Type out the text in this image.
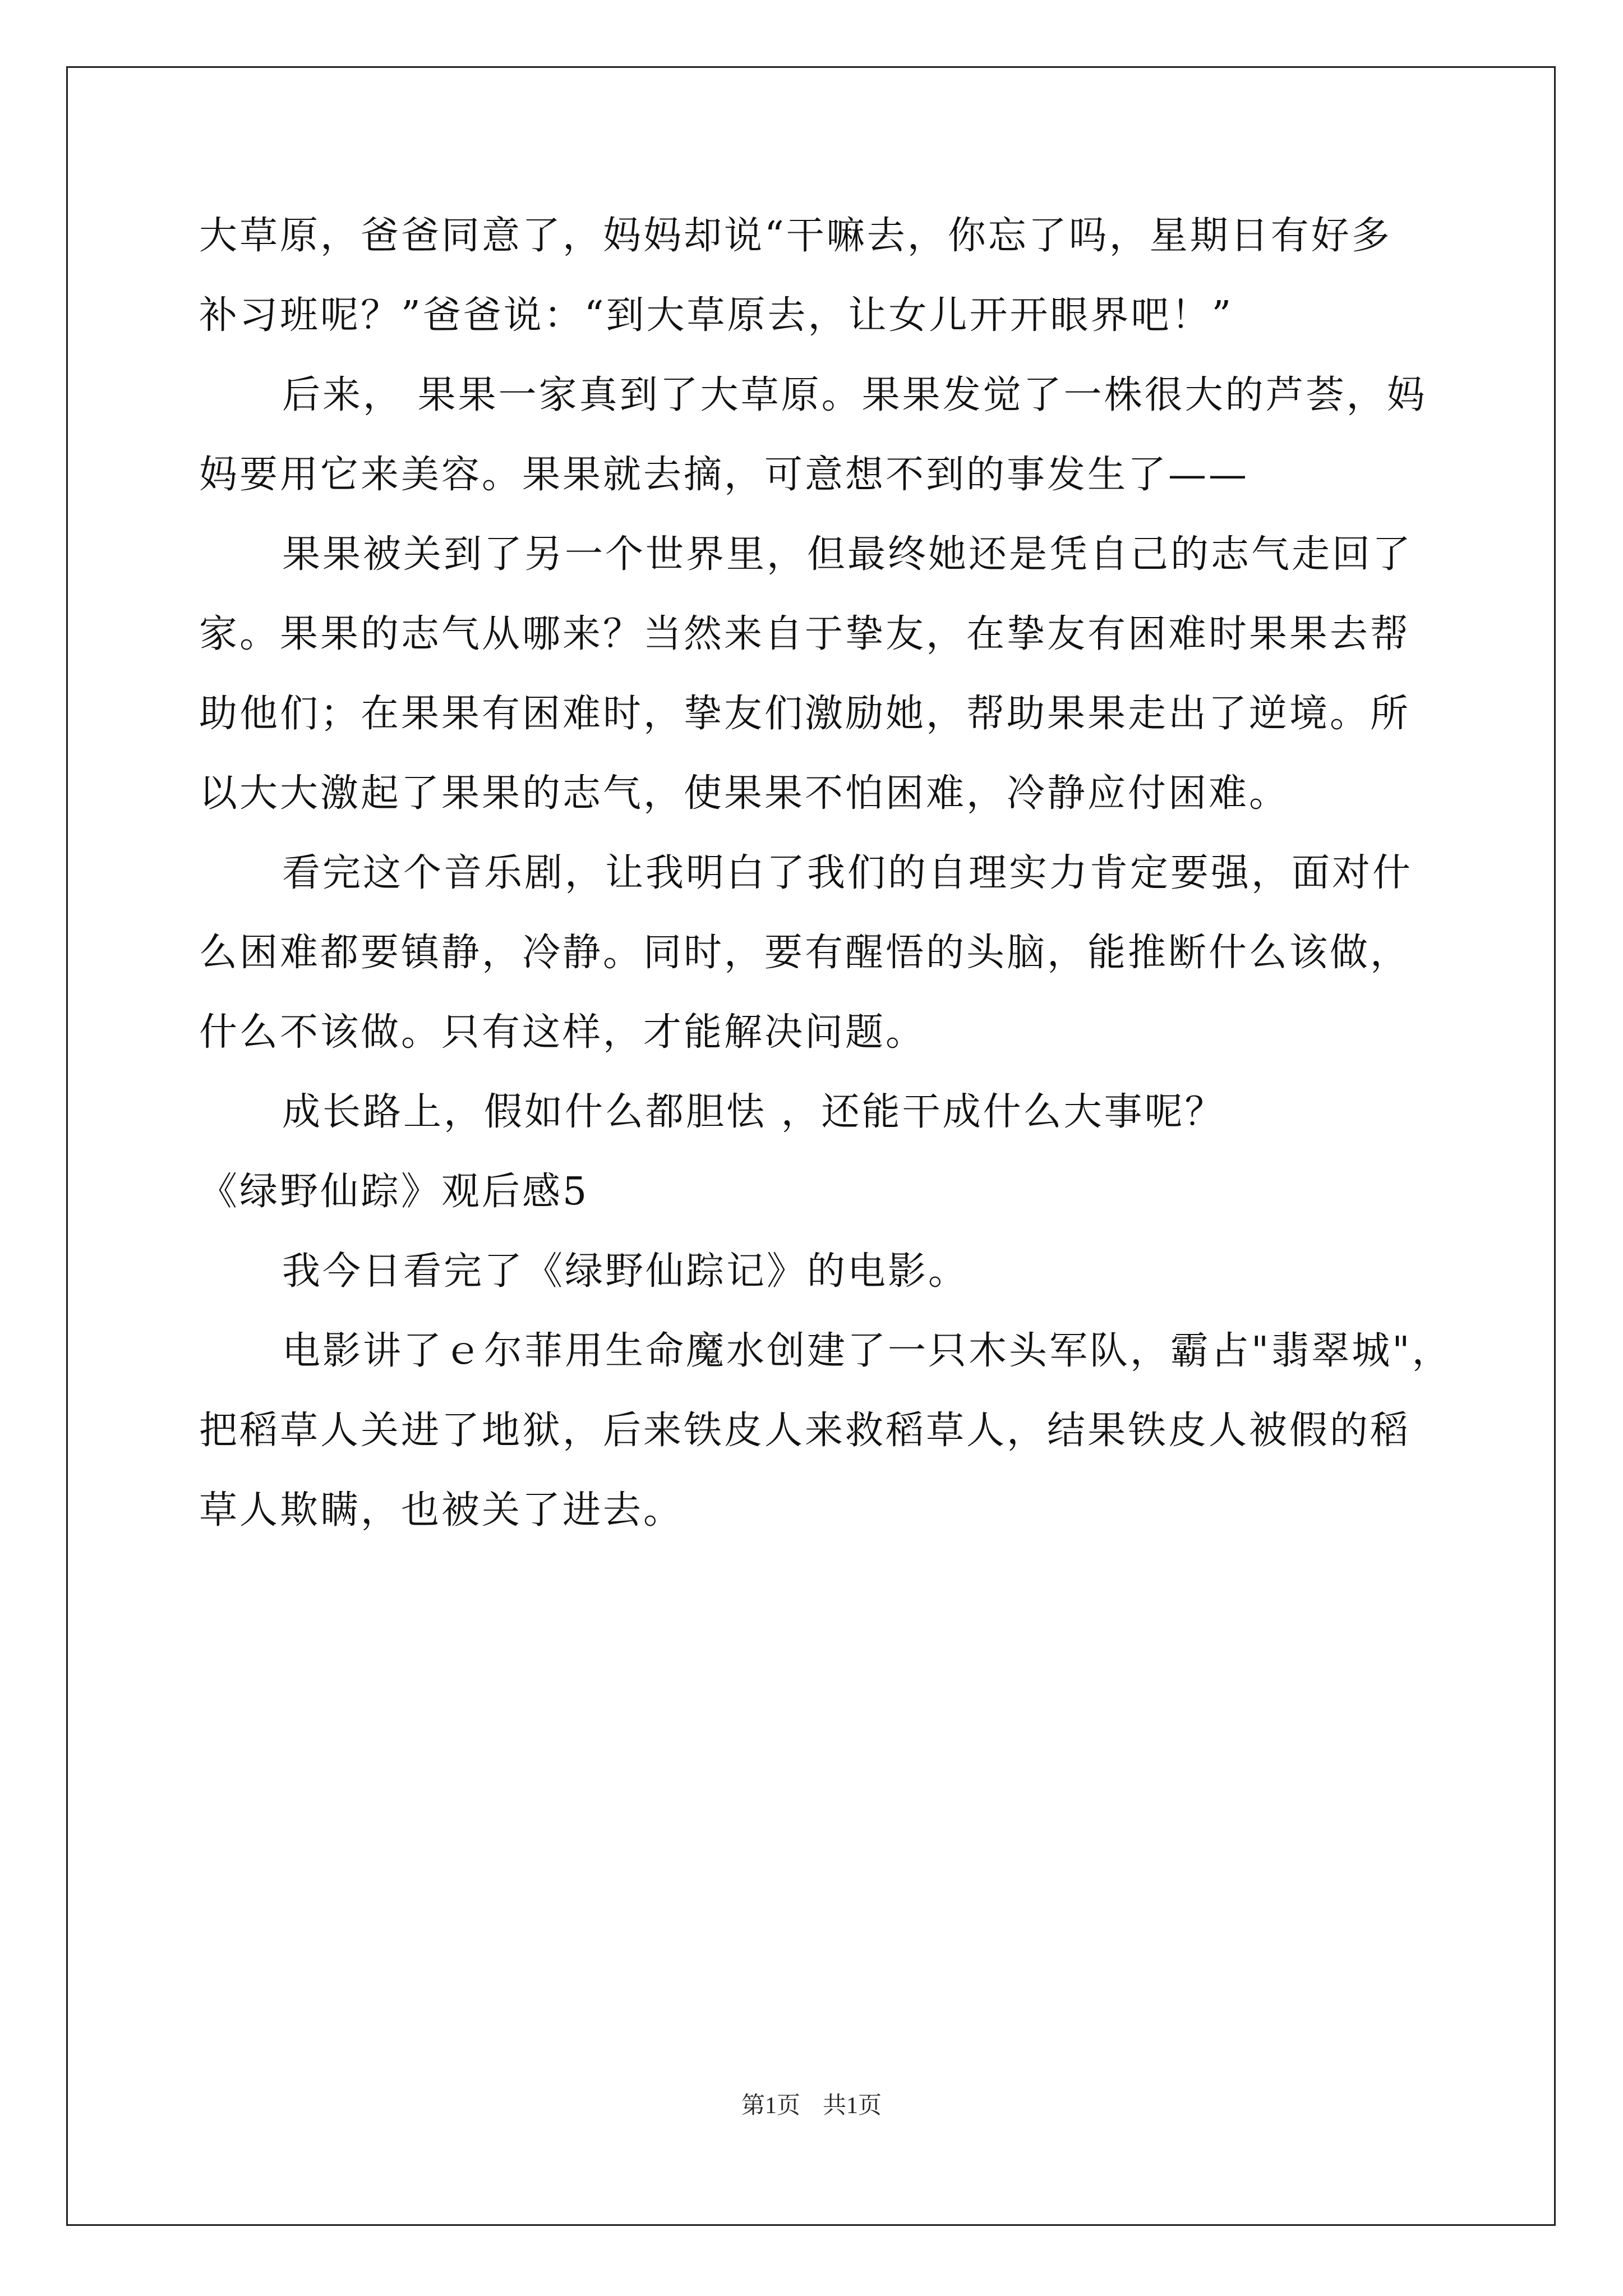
大草原，爸爸同意了，妈妈却说“干嘛去，你忘了吗，星期日有好多
补习班呢？”爸爸说：“到大草原去，让女儿开开眼界吧！”
后来， 果果一家真到了大草原。果果发觉了一株很大的芦荟，妈
妈要用它来美容。果果就去摘，可意想不到的事发生了——
果果被关到了另一个世界里，但最终她还是凭自己的志气走回了
家。果果的志气从哪来？当然来自于挚友，在挚友有困难时果果去帮
助他们；在果果有困难时，挚友们激励她，帮助果果走出了逆境。所
以大大激起了果果的志气，使果果不怕困难，冷静应付困难。
看完这个音乐剧，让我明白了我们的自理实力肯定要强，面对什
么困难都要镇静，冷静。同时，要有醒悟的头脑，能推断什么该做，
什么不该做。只有这样，才能解决问题。
成长路上，假如什么都胆怯 ，还能干成什么大事呢？
《绿野仙踪》观后感5
我今日看完了《绿野仙踪记》的电影。
电影讲了ｅ尔菲用生命魔水创建了一只木头军队，霸占"翡翠城"，
把稻草人关进了地狱，后来铁皮人来救稻草人，结果铁皮人被假的稻
草人欺瞒，也被关了进去。
第1页 共1页
